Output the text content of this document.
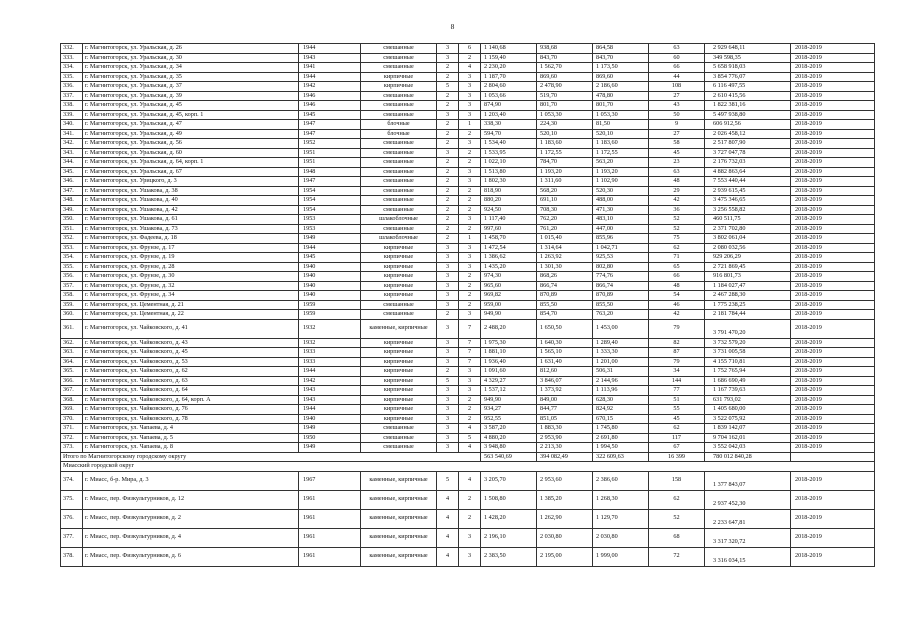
8
332.	г. Магнитогорск, ул. Уральская, д. 26	1944	смешанные	3	6	1 140,68	938,68	864,58	63	2 929 648,11	2018-2019
333.	г. Магнитогорск, ул. Уральская, д. 30	1943	смешанные	3	2	1 159,40	843,70	843,70	60	349 598,35	2018-2019
334.	г. Магнитогорск, ул. Уральская, д. 34	1941	смешанные	2	4	2 230,20	1 562,70	1 173,50	66	5 658 918,03	2018-2019
335.	г. Магнитогорск, ул. Уральская, д. 35	1944	кирпичные	2	3	1 187,70	869,60	869,60	44	3 854 776,07	2018-2019
336.	г. Магнитогорск, ул. Уральская, д. 37	1942	кирпичные	5	3	2 804,60	2 478,90	2 186,60	108	6 116 497,55	2018-2019
337.	г. Магнитогорск, ул. Уральская, д. 39	1946	смешанные	2	3	1 053,66	519,70	478,80	27	2 610 415,56	2018-2019
338.	г. Магнитогорск, ул. Уральская, д. 45	1946	смешанные	2	3	874,90	801,70	801,70	43	1 822 381,16	2018-2019
339.	г. Магнитогорск, ул. Уральская, д. 45, корп. 1	1945	смешанные	3	3	1 203,40	1 053,30	1 053,30	50	5 497 938,80	2018-2019
340.	г. Магнитогорск, ул. Уральская, д. 47	1947	блочные	2	1	338,30	224,30	81,50	9	606 912,56	2018-2019
341.	г. Магнитогорск, ул. Уральская, д. 49	1947	блочные	2	2	594,70	520,10	520,10	27	2 026 458,12	2018-2019
342.	г. Магнитогорск, ул. Уральская, д. 56	1952	смешанные	2	3	1 534,40	1 183,60	1 183,60	58	2 517 807,90	2018-2019
343.	г. Магнитогорск, ул. Уральская, д. 60	1951	смешанные	3	2	1 533,95	1 172,55	1 172,55	45	3 727 047,78	2018-2019
344.	г. Магнитогорск, ул. Уральская, д. 64, корп. 1	1951	смешанные	2	2	1 022,10	784,70	563,20	23	2 176 732,03	2018-2019
345.	г. Магнитогорск, ул. Уральская, д. 67	1948	смешанные	2	3	1 513,80	1 193,20	1 193,20	63	4 882 863,64	2018-2019
346.	г. Магнитогорск, ул. Урицкого, д. 3	1947	смешанные	2	3	1 802,30	1 311,60	1 102,90	48	7 553 440,44	2018-2019
347.	г. Магнитогорск, ул. Ушакова, д. 38	1954	смешанные	2	2	818,90	568,20	520,30	29	2 939 615,45	2018-2019
348.	г. Магнитогорск, ул. Ушакова, д. 40	1954	смешанные	2	2	880,20	691,10	488,00	42	3 475 346,65	2018-2019
349.	г. Магнитогорск, ул. Ушакова, д. 42	1954	смешанные	2	2	924,50	708,30	471,30	36	3 256 558,82	2018-2019
350.	г. Магнитогорск, ул. Ушакова, д. 61	1953	шлакоблочные	2	3	1 117,40	762,20	483,10	52	460 511,75	2018-2019
351.	г. Магнитогорск, ул. Ушакова, д. 73	1953	смешанные	2	2	997,60	761,20	447,00	52	2 371 702,80	2018-2019
352.	г. Магнитогорск, ул. Фадеева, д. 18	1949	шлакоблочные	2	1	1 458,70	1 015,40	855,96	75	3 802 061,04	2018-2019
353.	г. Магнитогорск, ул. Фрунзе, д. 17	1944	кирпичные	3	3	1 472,54	1 314,64	1 042,71	62	2 080 032,56	2018-2019
354.	г. Магнитогорск, ул. Фрунзе, д. 19	1945	кирпичные	3	3	1 386,62	1 263,92	925,53	71	929 206,29	2018-2019
355.	г. Магнитогорск, ул. Фрунзе, д. 28	1940	кирпичные	3	3	1 435,20	1 301,30	802,80	65	2 721 869,45	2018-2019
356.	г. Магнитогорск, ул. Фрунзе, д. 30	1940	кирпичные	3	2	974,30	868,26	774,76	66	916 801,73	2018-2019
357.	г. Магнитогорск, ул. Фрунзе, д. 32	1940	кирпичные	3	2	965,60	866,74	866,74	48	1 184 027,47	2018-2019
358.	г. Магнитогорск, ул. Фрунзе, д. 34	1940	кирпичные	3	2	969,82	870,89	870,89	54	2 467 288,30	2018-2019
359.	г. Магнитогорск, ул. Цементная, д. 21	1959	смешанные	3	2	959,00	855,50	855,50	46	1 775 238,25	2018-2019
360.	г. Магнитогорск, ул. Цементная, д. 22	1959	смешанные	2	3	949,90	854,70	763,20	42	2 181 784,44	2018-2019
361.	г. Магнитогорск, ул. Чайковского, д. 41	1932	каменные, кирпичные	3	7	2 488,20	1 650,50	1 453,00	79	3 791 470,20	2018-2019
362.	г. Магнитогорск, ул. Чайковского, д. 43	1932	кирпичные	3	7	1 975,30	1 640,30	1 289,40	82	3 732 579,20	2018-2019
363.	г. Магнитогорск, ул. Чайковского, д. 45	1933	кирпичные	3	7	1 881,10	1 565,10	1 333,30	87	3 731 005,58	2018-2019
364.	г. Магнитогорск, ул. Чайковского, д. 53	1933	кирпичные	3	7	1 936,40	1 631,40	1 201,00	79	4 155 710,81	2018-2019
365.	г. Магнитогорск, ул. Чайковского, д. 62	1944	кирпичные	2	3	1 091,60	812,60	506,31	34	1 752 765,94	2018-2019
366.	г. Магнитогорск, ул. Чайковского, д. 63	1942	кирпичные	5	3	4 329,27	3 846,07	2 144,96	144	1 686 690,49	2018-2019
367.	г. Магнитогорск, ул. Чайковского, д. 64	1943	кирпичные	3	3	1 537,12	1 373,92	1 113,96	77	1 167 739,63	2018-2019
368.	г. Магнитогорск, ул. Чайковского, д. 64, корп. А	1943	кирпичные	3	2	949,90	849,00	628,30	51	631 793,02	2018-2019
369.	г. Магнитогорск, ул. Чайковского, д. 76	1944	кирпичные	3	2	934,27	844,77	824,92	55	1 405 680,00	2018-2019
370.	г. Магнитогорск, ул. Чайковского, д. 78	1940	кирпичные	3	2	952,55	851,05	670,15	45	3 522 075,92	2018-2019
371.	г. Магнитогорск, ул. Чапаева, д. 4	1949	смешанные	3	4	3 587,20	1 883,30	1 745,80	62	1 839 142,07	2018-2019
372.	г. Магнитогорск, ул. Чапаева, д. 5	1950	смешанные	3	5	4 880,20	2 953,90	2 691,80	117	9 704 162,01	2018-2019
373.	г. Магнитогорск, ул. Чапаева, д. 8	1949	смешанные	3	4	3 948,80	2 213,30	1 994,50	67	3 552 042,03	2018-2019
Итого по Магнитогорскому городскому округу						563 540,69	394 082,49	322 609,63	16 399	780 012 840,28	
Миасский городской округ											
374.	г. Миасс, б-р. Мира, д. 3	1967	каменные, кирпичные	5	4	3 205,70	2 953,60	2 386,60	158	1 377 843,07	2018-2019
375.	г. Миасс, пер. Физкультурников, д. 12	1961	каменные, кирпичные	4	2	1 508,80	1 385,20	1 268,30	62	2 937 452,30	2018-2019
376.	г. Миасс, пер. Физкультурников, д. 2	1961	каменные, кирпичные	4	2	1 428,20	1 262,90	1 129,70	52	2 233 647,81	2018-2019
377.	г. Миасс, пер. Физкультурников, д. 4	1961	каменные, кирпичные	4	3	2 196,10	2 030,80	2 030,80	68	3 317 320,72	2018-2019
378.	г. Миасс, пер. Физкультурников, д. 6	1961	каменные, кирпичные	4	3	2 383,50	2 195,00	1 999,00	72	3 316 034,15	2018-2019
